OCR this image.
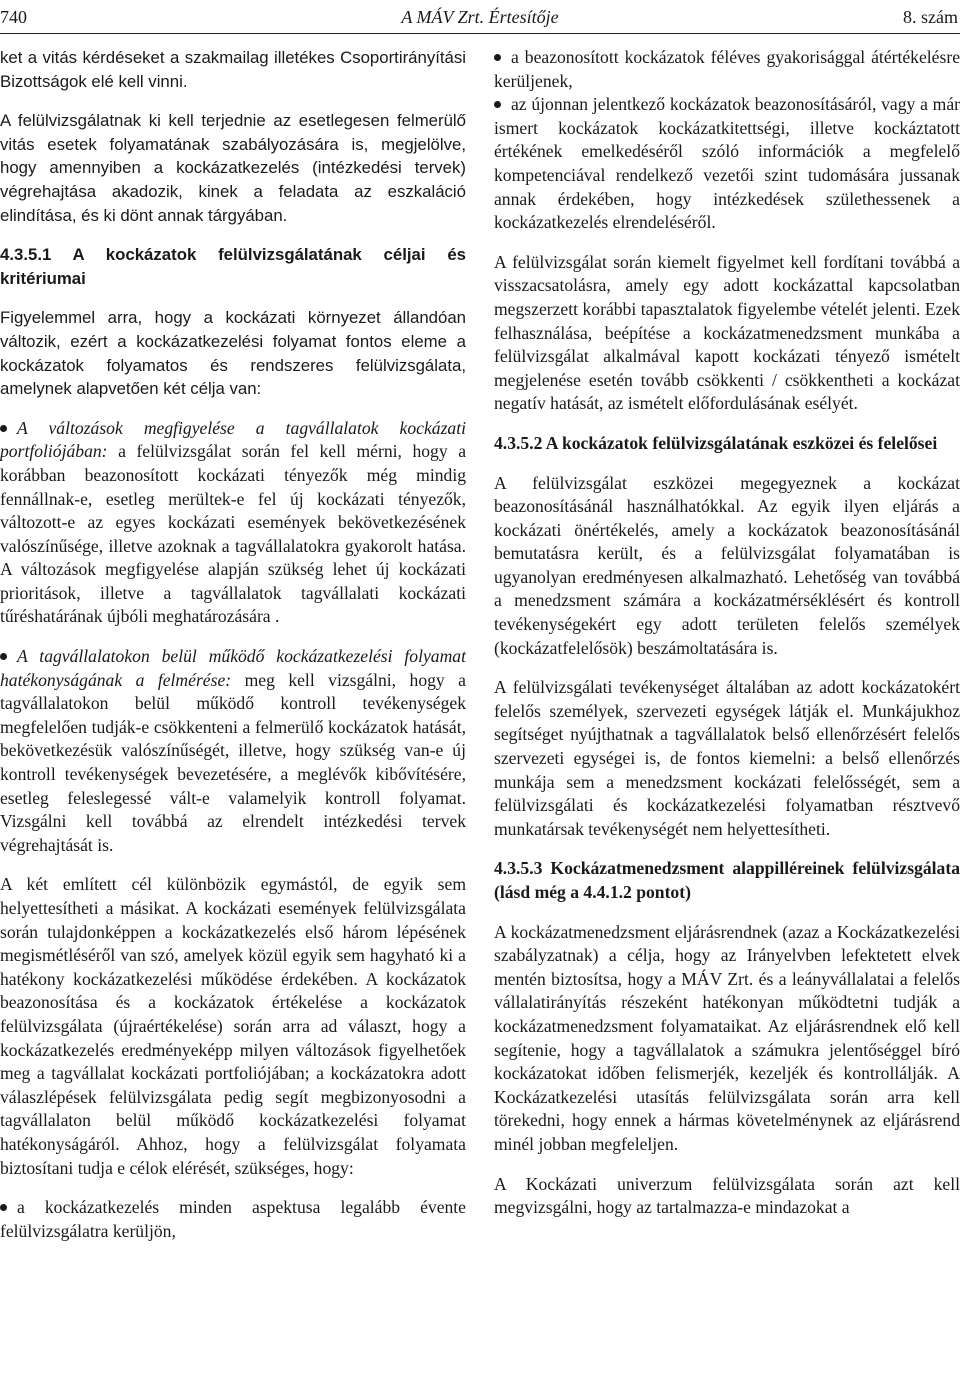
740	A MÁV Zrt. Értesítője	8. szám

ket a vitás kérdéseket a szakmailag illetékes Csoportirányítási Bizottságok elé kell vinni.

A felülvizsgálatnak ki kell terjednie az esetlegesen felmerülő vitás esetek folyamatának szabályozására is, megjelölve, hogy amennyiben a kockázatkezelés (intézkedési tervek) végrehajtása akadozik, kinek a feladata az eszkaláció elindítása, és ki dönt annak tárgyában.

4.3.5.1 A kockázatok felülvizsgálatának céljai és kritériumai

Figyelemmel arra, hogy a kockázati környezet állandóan változik, ezért a kockázatkezelési folyamat fontos eleme a kockázatok folyamatos és rendszeres felülvizsgálata, amelynek alapvetően két célja van:

A változások megfigyelése a tagvállalatok kockázati portfoliójában: a felülvizsgálat során fel kell mérni, hogy a korábban beazonosított kockázati tényezők még mindig fennállnak-e, esetleg merültek-e fel új kockázati tényezők, változott-e az egyes kockázati események bekövetkezésének valószínűsége, illetve azoknak a tagvállalatokra gyakorolt hatása. A változások megfigyelése alapján szükség lehet új kockázati prioritások, illetve a tagvállalatok tagvállalati kockázati tűréshatárának újbóli meghatározására .

A tagvállalatokon belül működő kockázatkezelési folyamat hatékonyságának a felmérése: meg kell vizsgálni, hogy a tagvállalatokon belül működő kontroll tevékenységek megfelelően tudják-e csökkenteni a felmerülő kockázatok hatását, bekövetkezésük valószínűségét, illetve, hogy szükség van-e új kontroll tevékenységek bevezetésére, a meglévők kibővítésére, esetleg feleslegessé vált-e valamelyik kontroll folyamat. Vizsgálni kell továbbá az elrendelt intézkedési tervek végrehajtását is.

A két említett cél különbözik egymástól, de egyik sem helyettesítheti a másikat. A kockázati események felülvizsgálata során tulajdonképpen a kockázatkezelés első három lépésének megismétléséről van szó, amelyek közül egyik sem hagyható ki a hatékony kockázatkezelési működése érdekében. A kockázatok beazonosítása és a kockázatok értékelése a kockázatok felülvizsgálata (újraértékelése) során arra ad választ, hogy a kockázatkezelés eredményeképp milyen változások figyelhetőek meg a tagvállalat kockázati portfoliójában; a kockázatokra adott válaszlépések felülvizsgálata pedig segít megbizonyosodni a tagvállalaton belül működő kockázatkezelési folyamat hatékonyságáról. Ahhoz, hogy a felülvizsgálat folyamata biztosítani tudja e célok elérését, szükséges, hogy:

a kockázatkezelés minden aspektusa legalább évente felülvizsgálatra kerüljön,

a beazonosított kockázatok féléves gyakorisággal átértékelésre kerüljenek,

az újonnan jelentkező kockázatok beazonosításáról, vagy a már ismert kockázatok kockázatkitettségi, illetve kockáztatott értékének emelkedéséről szóló információk a megfelelő kompetenciával rendelkező vezetői szint tudomására jussanak annak érdekében, hogy intézkedések születhessenek a kockázatkezelés elrendeléséről.

A felülvizsgálat során kiemelt figyelmet kell fordítani továbbá a visszacsatolásra, amely egy adott kockázattal kapcsolatban megszerzett korábbi tapasztalatok figyelembe vételét jelenti. Ezek felhasználása, beépítése a kockázatmenedzsment munkába a felülvizsgálat alkalmával kapott kockázati tényező ismételt megjelenése esetén tovább csökkenti / csökkentheti a kockázat negatív hatását, az ismételt előfordulásának esélyét.

4.3.5.2 A kockázatok felülvizsgálatának eszközei és felelősei

A felülvizsgálat eszközei megegyeznek a kockázat beazonosításánál használhatókkal. Az egyik ilyen eljárás a kockázati önértékelés, amely a kockázatok beazonosításánál bemutatásra került, és a felülvizsgálat folyamatában is ugyanolyan eredményesen alkalmazható. Lehetőség van továbbá a menedzsment számára a kockázatmérséklésért és kontroll tevékenységekért egy adott területen felelős személyek (kockázatfelelősök) beszámoltatására is.

A felülvizsgálati tevékenységet általában az adott kockázatokért felelős személyek, szervezeti egységek látják el. Munkájukhoz segítséget nyújthatnak a tagvállalatok belső ellenőrzésért felelős szervezeti egységei is, de fontos kiemelni: a belső ellenőrzés munkája sem a menedzsment kockázati felelősségét, sem a felülvizsgálati és kockázatkezelési folyamatban résztvevő munkatársak tevékenységét nem helyettesítheti.

4.3.5.3 Kockázatmenedzsment alappilléreinek felülvizsgálata (lásd még a 4.4.1.2 pontot)

A kockázatmenedzsment eljárásrendnek (azaz a Kockázatkezelési szabályzatnak) a célja, hogy az Irányelvben lefektetett elvek mentén biztosítsa, hogy a MÁV Zrt. és a leányvállalatai a felelős vállalatirányítás részeként hatékonyan működtetni tudják a kockázatmenedzsment folyamataikat. Az eljárásrendnek elő kell segítenie, hogy a tagvállalatok a számukra jelentőséggel bíró kockázatokat időben felismerjék, kezeljék és kontrollálják. A Kockázatkezelési utasítás felülvizsgálata során arra kell törekedni, hogy ennek a hármas követelménynek az eljárásrend minél jobban megfeleljen.

A Kockázati univerzum felülvizsgálata során azt kell megvizsgálni, hogy az tartalmazza-e mindazokat a
